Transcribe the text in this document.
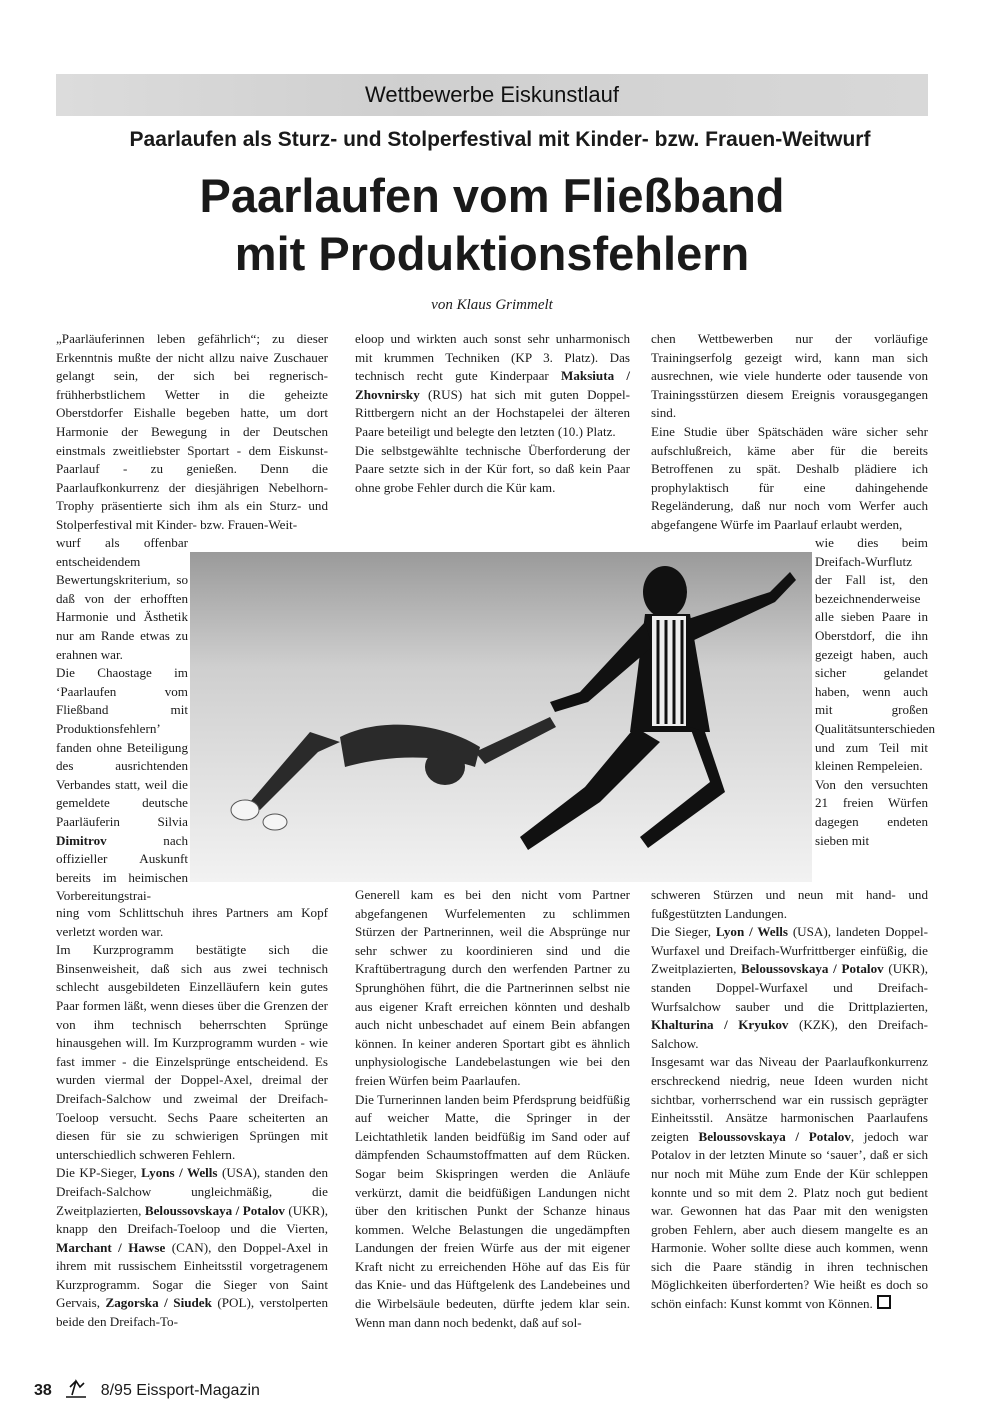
Wettbewerbe Eiskunstlauf
Paarlaufen als Sturz- und Stolperfestival mit Kinder- bzw. Frauen-Weitwurf
Paarlaufen vom Fließband
mit Produktionsfehlern
von Klaus Grimmelt

„Paarläuferinnen leben gefährlich“; zu dieser Erkenntnis mußte der nicht allzu naive Zuschauer gelangt sein, der sich bei regnerisch-frühherbstlichem Wetter in die geheizte Oberstdorfer Eishalle begeben hatte, um dort Harmonie der Bewegung in der Deutschen einstmals zweitliebster Sportart - dem Eiskunst-Paarlauf - zu genießen. Denn die Paarlaufkonkurrenz der diesjährigen Nebelhorn-Trophy präsentierte sich ihm als ein Sturz- und Stolperfestival mit Kinder- bzw. Frauen-Weit-

wurf als offenbar entscheidendem Bewertungskriterium, so daß von der erhofften Harmonie und Ästhetik nur am Rande etwas zu erahnen war.

Die Chaostage im ‘Paarlaufen vom Fließband mit Produktionsfehlern’ fanden ohne Beteiligung des ausrichtenden Verbandes statt, weil die gemeldete deutsche Paarläuferin Silvia Dimitrov	nach offizieller Auskunft bereits im heimischen Vorbereitungstrai-

ning vom Schlittschuh ihres Partners am Kopf verletzt worden war.

Im Kurzprogramm bestätigte sich die Binsenweisheit, daß sich aus zwei technisch schlecht ausgebildeten Einzelläufern kein gutes Paar formen läßt, wenn dieses über die Grenzen der von ihm technisch beherrschten Sprünge hinausgehen will. Im Kurzprogramm wurden - wie fast immer - die Einzelsprünge entscheidend. Es wurden viermal der Doppel-Axel, dreimal der Dreifach-Salchow und zweimal der Dreifach-Toeloop versucht. Sechs Paare scheiterten an diesen für sie zu schwierigen Sprüngen mit unterschiedlich schweren Fehlern.

Die KP-Sieger, Lyons / Wells (USA), standen den Dreifach-Salchow ungleichmäßig, die Zweitplazierten, Beloussovskaya / Potalov (UKR), knapp den Dreifach-Toeloop und die Vierten, Marchant / Hawse (CAN), den Doppel-Axel in ihrem mit russischem Einheitsstil vorgetragenem Kurzprogramm. Sogar die Sieger von Saint Gervais, Zagorska / Siudek (POL), verstolperten beide den Dreifach-To-

eloop und wirkten auch sonst sehr unharmonisch mit krummen Techniken (KP 3. Platz). Das technisch recht gute Kinderpaar Maksiuta / Zhovnirsky (RUS) hat sich mit guten Doppel-Rittbergern nicht an der Hochstapelei der älteren Paare beteiligt und belegte den letzten (10.) Platz.

Die selbstgewählte technische Überforderung der Paare setzte sich in der Kür fort, so daß kein Paar ohne grobe Fehler durch die Kür kam.

Generell kam es bei den nicht vom Partner abgefangenen Wurfelementen zu schlimmen Stürzen der Partnerinnen, weil die Absprünge nur sehr schwer zu koordinieren sind und die Kraftübertragung durch den werfenden Partner zu Sprunghöhen führt, die die Partnerinnen selbst nie aus eigener Kraft erreichen könnten und deshalb auch nicht unbeschadet auf einem Bein abfangen können. In keiner anderen Sportart gibt es ähnlich unphysiologische Landebelastungen wie bei den freien Würfen beim Paarlaufen.

Die Turnerinnen landen beim Pferdsprung beidfüßig auf weicher Matte, die Springer in der Leichtathletik landen beidfüßig im Sand oder auf dämpfenden Schaumstoffmatten auf dem Rücken. Sogar beim Skispringen werden die Anläufe verkürzt, damit die beidfüßigen Landungen nicht über den kritischen Punkt der Schanze hinaus kommen. Welche Belastungen die ungedämpften Landungen der freien Würfe aus der mit eigener Kraft nicht zu erreichenden Höhe auf das Eis für das Knie- und das Hüftgelenk des Landebeines und die Wirbelsäule bedeuten, dürfte jedem klar sein. Wenn man dann noch bedenkt, daß auf sol-

chen Wettbewerben nur der vorläufige Trainingserfolg gezeigt wird, kann man sich ausrechnen, wie viele hunderte oder tausende von Trainingsstürzen diesem Ereignis vorausgegangen sind.

Eine Studie über Spätschäden wäre sicher sehr aufschlußreich, käme aber für die bereits Betroffenen zu spät. Deshalb plädiere ich prophylaktisch für eine dahingehende Regeländerung, daß nur noch vom Werfer auch abgefangene Würfe im Paarlauf erlaubt werden,

wie dies beim Dreifach-Wurflutz der Fall ist, den bezeichnenderweise alle sieben Paare in Oberstdorf, die ihn gezeigt haben, auch sicher gelandet haben, wenn auch mit großen Qualitätsunterschieden und zum Teil mit kleinen Rempeleien.

Von den versuchten 21 freien Würfen dagegen endeten sieben mit

schweren Stürzen und neun mit hand- und fußgestützten Landungen.

Die Sieger, Lyon / Wells (USA), landeten Doppel-Wurfaxel und Dreifach-Wurfrittberger einfüßig, die Zweitplazierten, Beloussovskaya / Potalov (UKR), standen Doppel-Wurfaxel und Dreifach-Wurfsalchow sauber und die Drittplazierten, Khalturina / Kryukov (KZK), den Dreifach-Salchow.

Insgesamt war das Niveau der Paarlaufkonkurrenz erschreckend niedrig, neue Ideen wurden nicht sichtbar, vorherrschend war ein russisch geprägter Einheitsstil. Ansätze harmonischen Paarlaufens zeigten Beloussovskaya / Potalov, jedoch war Potalov in der letzten Minute so ‘sauer’, daß er sich nur noch mit Mühe zum Ende der Kür schleppen konnte und so mit dem 2. Platz noch gut bedient war. Gewonnen hat das Paar mit den wenigsten groben Fehlern, aber auch diesem mangelte es an Harmonie. Woher sollte diese auch kommen, wenn sich die Paare ständig in ihren technischen Möglichkeiten überforderten? Wie heißt es doch so schön einfach: Kunst kommt von Können.

38	8/95 Eissport-Magazin
